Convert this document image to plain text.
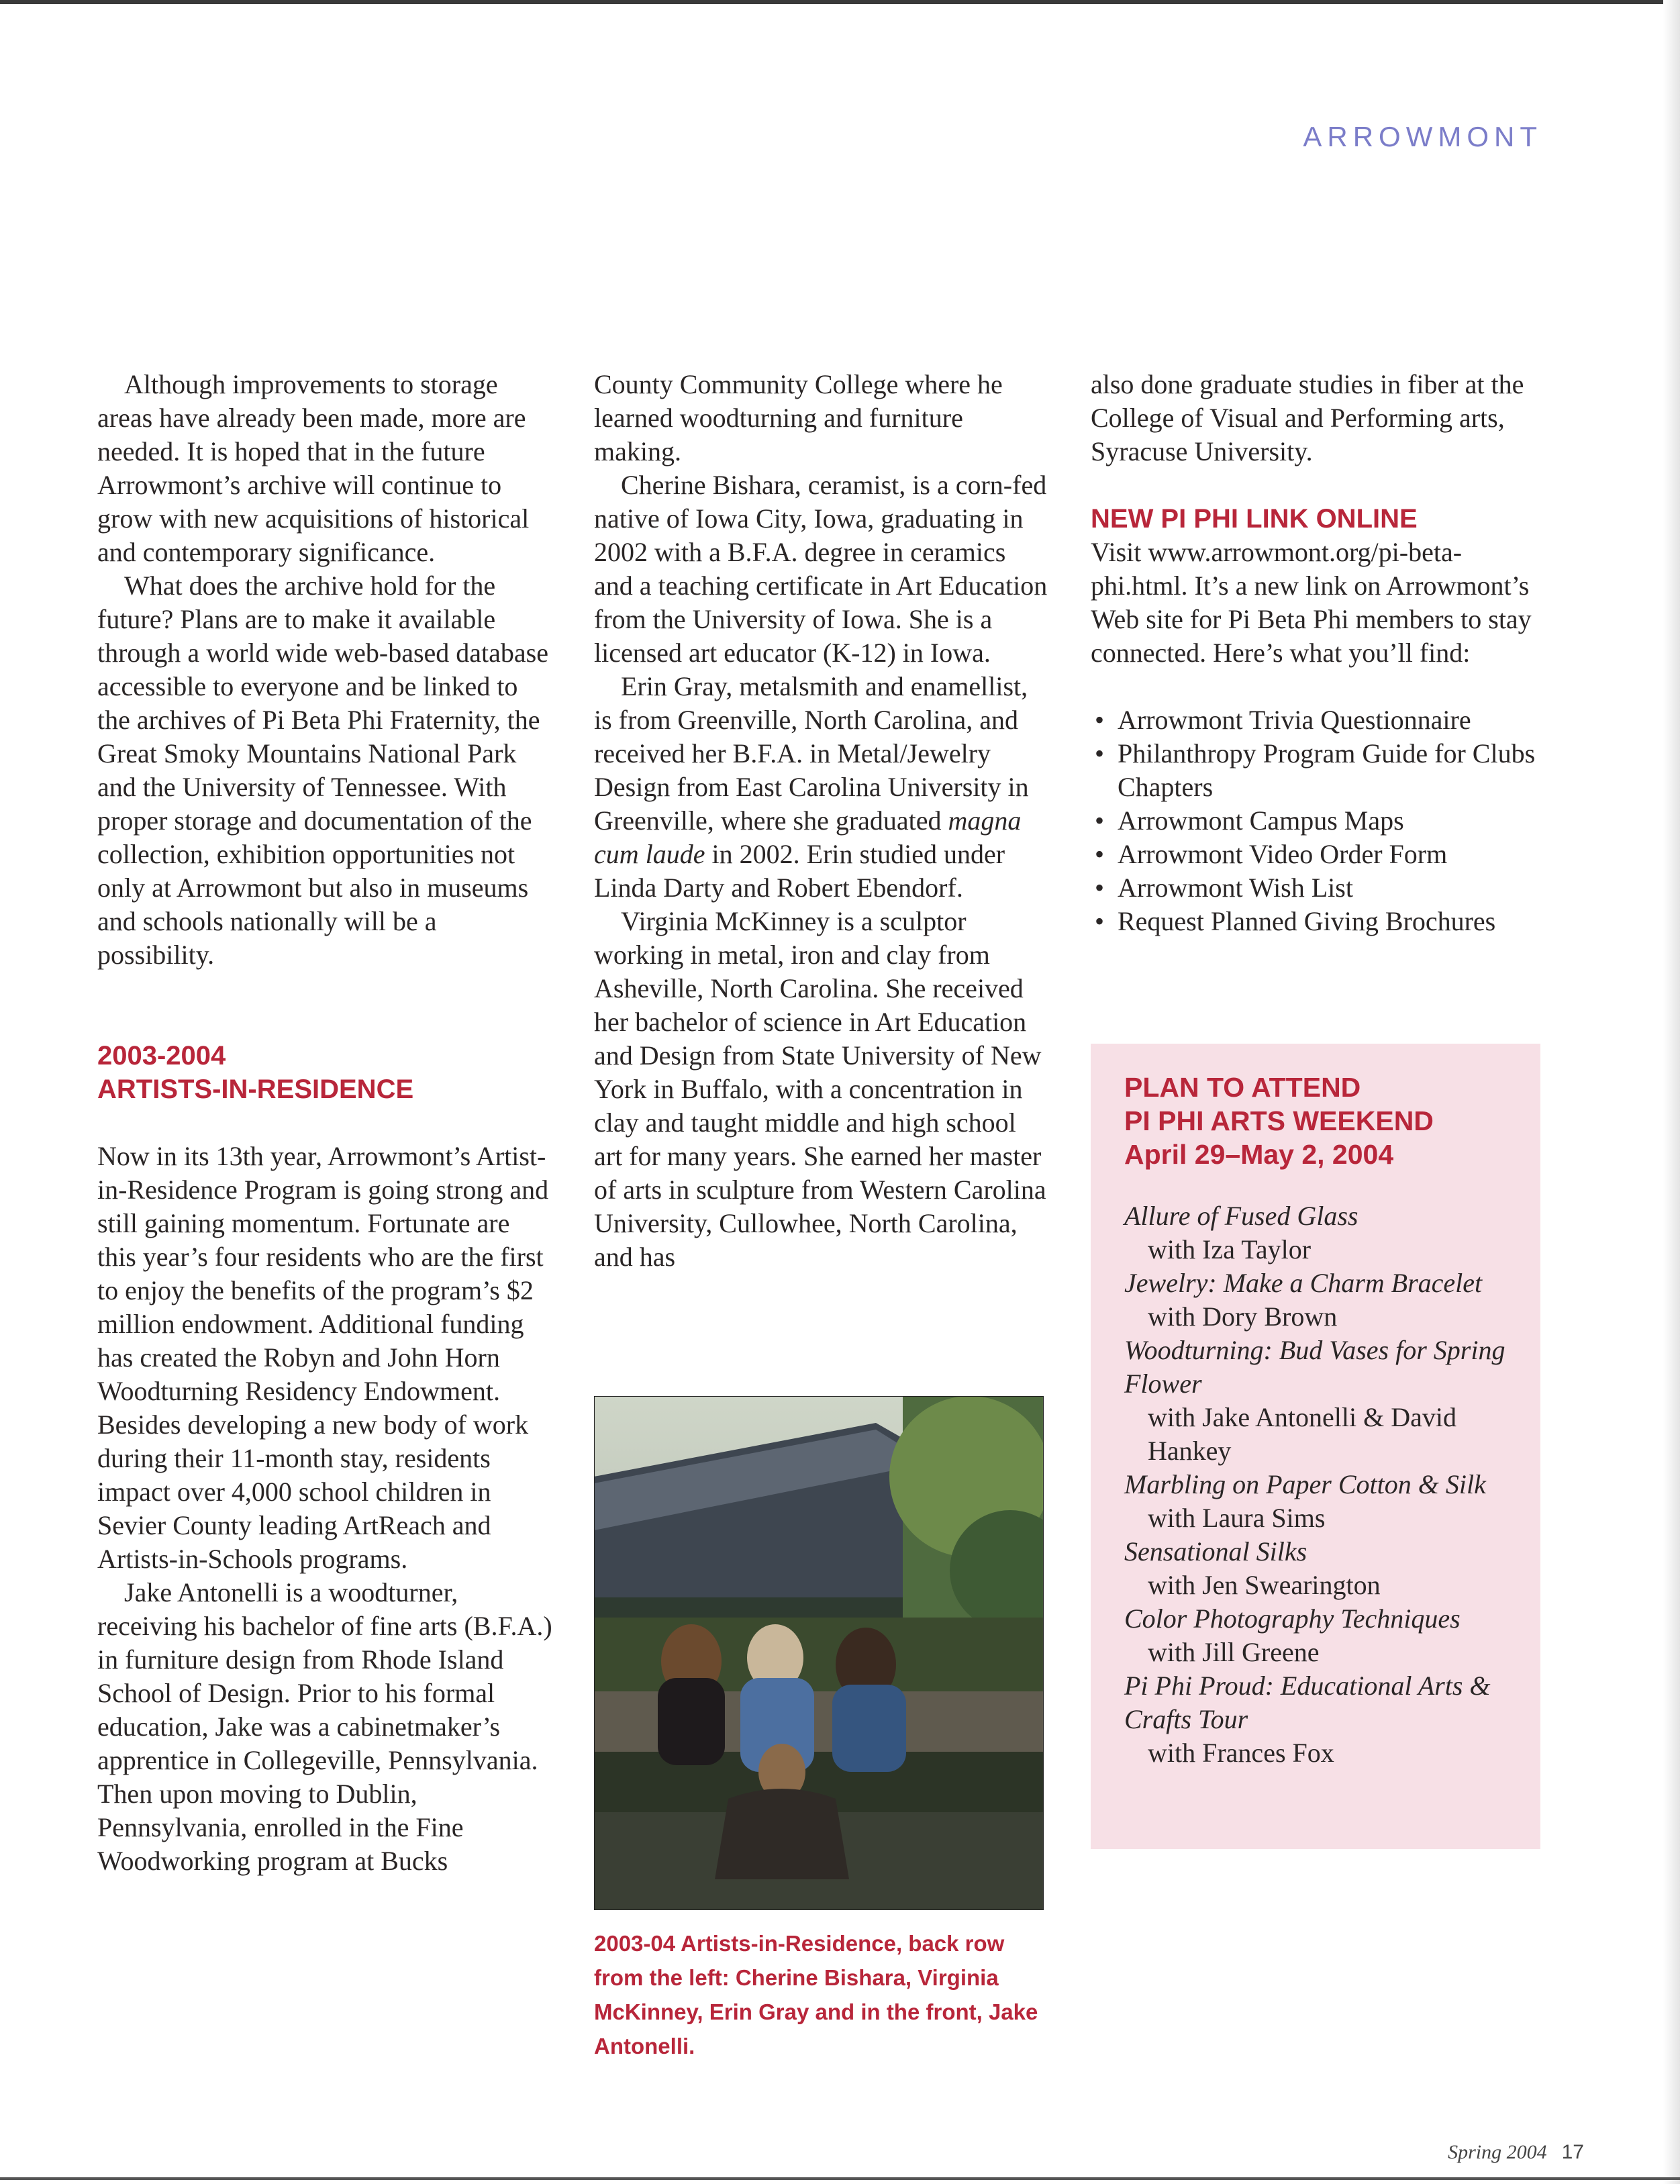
ARROWMONT

Although improvements to storage areas have already been made, more are needed. It is hoped that in the future Arrowmont’s archive will continue to grow with new acquisitions of historical and contemporary significance.

What does the archive hold for the future? Plans are to make it available through a world wide web-based database accessible to everyone and be linked to the archives of Pi Beta Phi Fraternity, the Great Smoky Mountains National Park and the University of Tennessee. With proper storage and documentation of the collection, exhibition opportunities not only at Arrowmont but also in museums and schools nationally will be a possibility.

2003-2004
ARTISTS-IN-RESIDENCE

Now in its 13th year, Arrowmont’s Artist-in-Residence Program is going strong and still gaining momentum. Fortunate are this year’s four residents who are the first to enjoy the benefits of the program’s $2 million endowment. Additional funding has created the Robyn and John Horn Woodturning Residency Endowment. Besides developing a new body of work during their 11-month stay, residents impact over 4,000 school children in Sevier County leading ArtReach and Artists-in-Schools programs.

Jake Antonelli is a woodturner, receiving his bachelor of fine arts (B.F.A.) in furniture design from Rhode Island School of Design. Prior to his formal education, Jake was a cabinetmaker’s apprentice in Collegeville, Pennsylvania. Then upon moving to Dublin, Pennsylvania, enrolled in the Fine Woodworking program at Bucks

County Community College where he learned woodturning and furniture making.

Cherine Bishara, ceramist, is a corn-fed native of Iowa City, Iowa, graduating in 2002 with a B.F.A. degree in ceramics and a teaching certificate in Art Education from the University of Iowa. She is a licensed art educator (K-12) in Iowa.

Erin Gray, metalsmith and enamellist, is from Greenville, North Carolina, and received her B.F.A. in Metal/Jewelry Design from East Carolina University in Greenville, where she graduated magna cum laude in 2002. Erin studied under Linda Darty and Robert Ebendorf.

Virginia McKinney is a sculptor working in metal, iron and clay from Asheville, North Carolina. She received her bachelor of science in Art Education and Design from State University of New York in Buffalo, with a concentration in clay and taught middle and high school art for many years. She earned her master of arts in sculpture from Western Carolina University, Cullowhee, North Carolina, and has

2003-04 Artists-in-Residence, back row from the left: Cherine Bishara, Virginia McKinney, Erin Gray and in the front, Jake Antonelli.

also done graduate studies in fiber at the College of Visual and Performing arts, Syracuse University.

NEW PI PHI LINK ONLINE

Visit www.arrowmont.org/pi-beta-phi.html. It’s a new link on Arrowmont’s Web site for Pi Beta Phi members to stay connected. Here’s what you’ll find:

• Arrowmont Trivia Questionnaire
• Philanthropy Program Guide for Clubs Chapters
• Arrowmont Campus Maps
• Arrowmont Video Order Form
• Arrowmont Wish List
• Request Planned Giving Brochures
PLAN TO ATTEND
PI PHI ARTS WEEKEND
April 29–May 2, 2004
Allure of Fused Glass
with Iza Taylor
Jewelry: Make a Charm Bracelet
with Dory Brown
Woodturning: Bud Vases for Spring Flower
with Jake Antonelli & David Hankey
Marbling on Paper Cotton & Silk
with Laura Sims
Sensational Silks
with Jen Swearington
Color Photography Techniques
with Jill Greene
Pi Phi Proud: Educational Arts & Crafts Tour
with Frances Fox
Spring 2004 17
